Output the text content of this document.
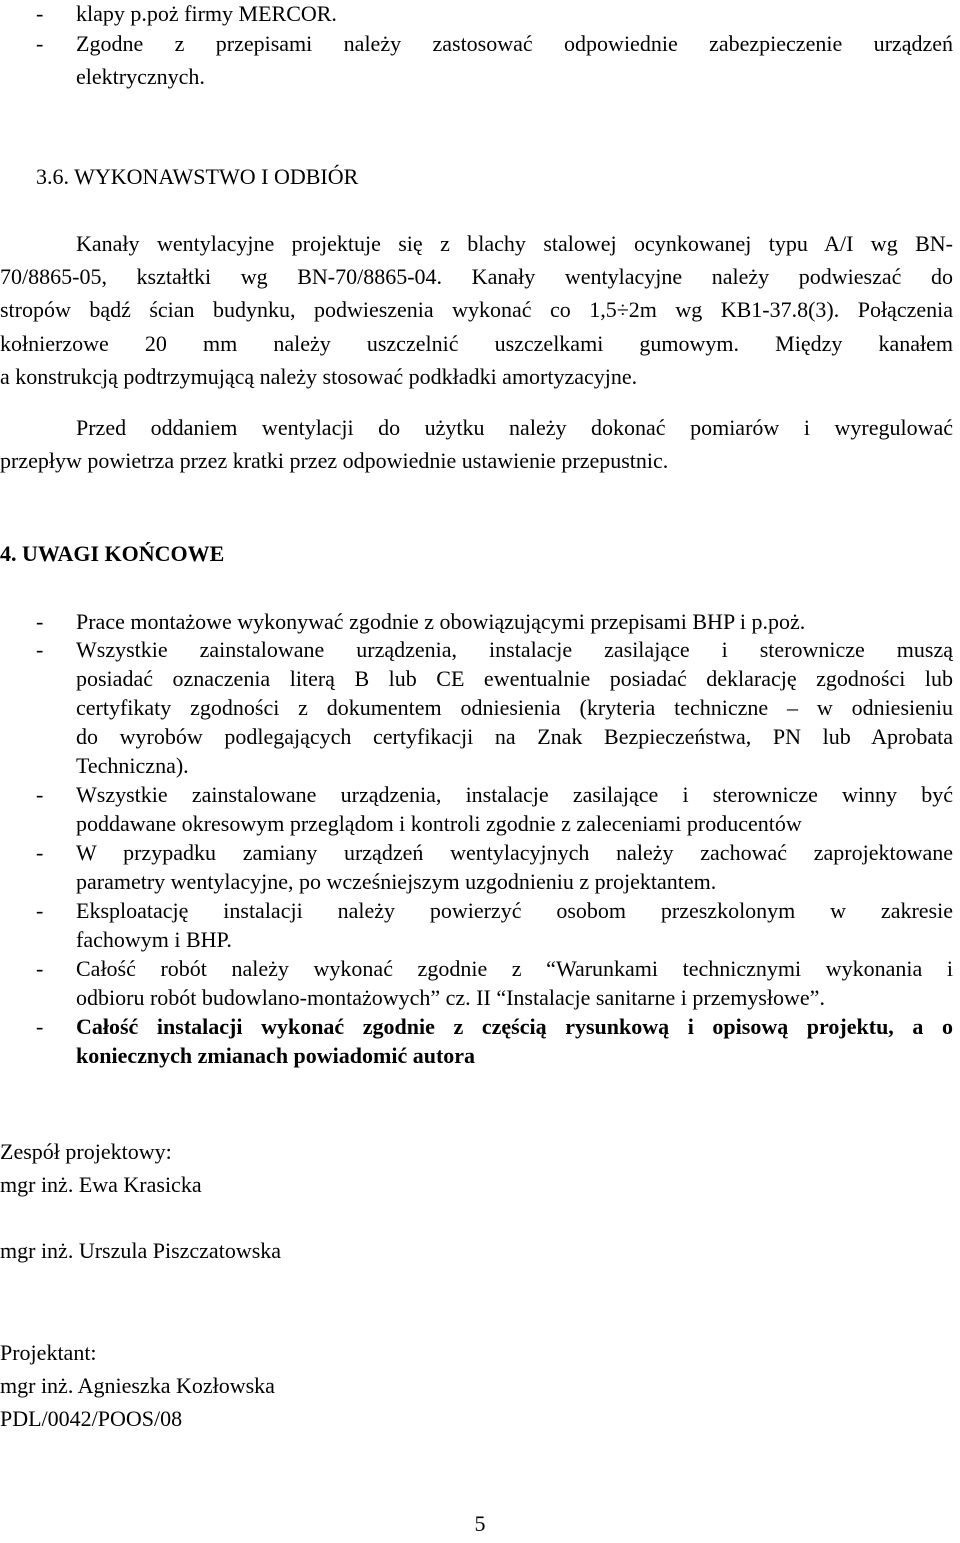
- klapy p.poż firmy MERCOR.
- Zgodne z przepisami należy zastosować odpowiednie zabezpieczenie urządzeń
elektrycznych.
3.6. WYKONAWSTWO I ODBIÓR
Kanały wentylacyjne projektuje się z blachy stalowej ocynkowanej typu A/I wg BN-
70/8865-05, kształtki wg BN-70/8865-04. Kanały wentylacyjne należy podwieszać do
stropów bądź ścian budynku, podwieszenia wykonać co 1,5÷2m wg KB1-37.8(3). Połączenia
kołnierzowe 20 mm należy uszczelnić uszczelkami gumowym. Między kanałem
a konstrukcją podtrzymującą należy stosować podkładki amortyzacyjne.
Przed oddaniem wentylacji do użytku należy dokonać pomiarów i wyregulować
przepływ powietrza przez kratki przez odpowiednie ustawienie przepustnic.
4. UWAGI KOŃCOWE
- Prace montażowe wykonywać zgodnie z obowiązującymi przepisami BHP i p.poż.
- Wszystkie zainstalowane urządzenia, instalacje zasilające i sterownicze muszą
posiadać oznaczenia literą B lub CE ewentualnie posiadać deklarację zgodności lub
certyfikaty zgodności z dokumentem odniesienia (kryteria techniczne – w odniesieniu
do wyrobów podlegających certyfikacji na Znak Bezpieczeństwa, PN lub Aprobata
Techniczna).
- Wszystkie zainstalowane urządzenia, instalacje zasilające i sterownicze winny być
poddawane okresowym przeglądom i kontroli zgodnie z zaleceniami producentów
- W przypadku zamiany urządzeń wentylacyjnych należy zachować zaprojektowane
parametry wentylacyjne, po wcześniejszym uzgodnieniu z projektantem.
- Eksploatację instalacji należy powierzyć osobom przeszkolonym w zakresie
fachowym i BHP.
- Całość robót należy wykonać zgodnie z “Warunkami technicznymi wykonania i
odbioru robót budowlano-montażowych” cz. II “Instalacje sanitarne i przemysłowe”.
- Całość instalacji wykonać zgodnie z częścią rysunkową i opisową projektu, a o
koniecznych zmianach powiadomić autora
Zespół projektowy:
mgr inż. Ewa Krasicka
mgr inż. Urszula Piszczatowska
Projektant:
mgr inż. Agnieszka Kozłowska
PDL/0042/POOS/08
5
